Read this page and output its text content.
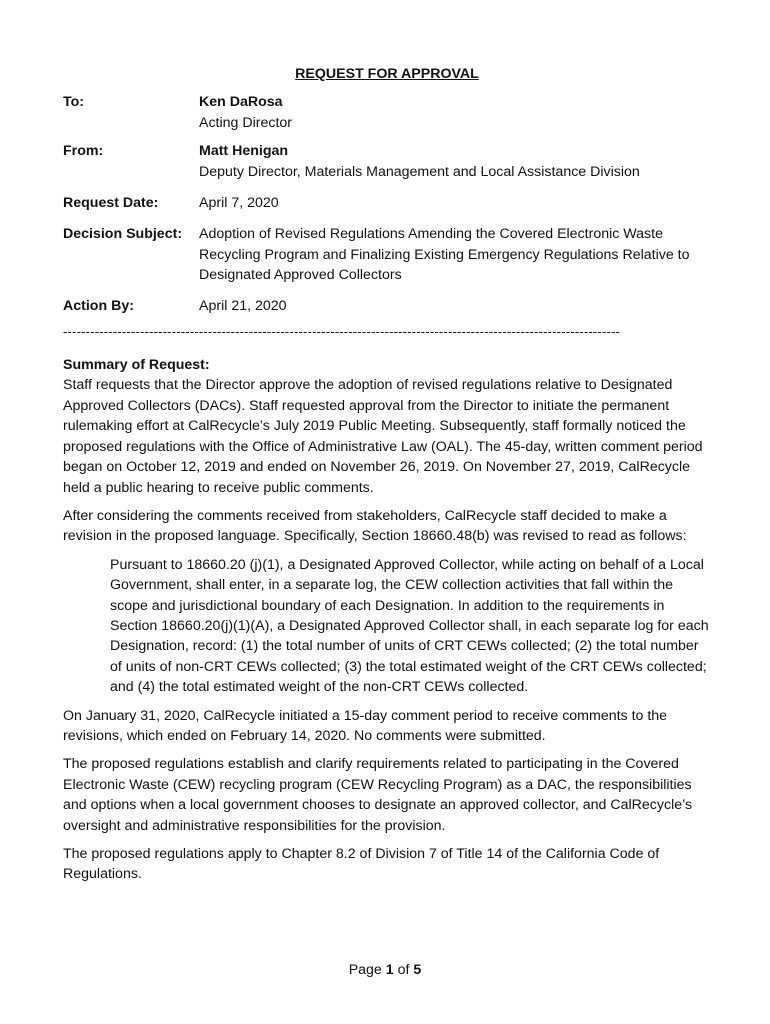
REQUEST FOR APPROVAL
To:	Ken DaRosa
Acting Director
From:	Matt Henigan
Deputy Director, Materials Management and Local Assistance Division
Request Date:	April 7, 2020
Decision Subject:	Adoption of Revised Regulations Amending the Covered Electronic Waste Recycling Program and Finalizing Existing Emergency Regulations Relative to Designated Approved Collectors
Action By:	April 21, 2020
---------------------------------------------------------------------------------------------------------------------------
Summary of Request:

Staff requests that the Director approve the adoption of revised regulations relative to Designated Approved Collectors (DACs). Staff requested approval from the Director to initiate the permanent rulemaking effort at CalRecycle’s July 2019 Public Meeting. Subsequently, staff formally noticed the proposed regulations with the Office of Administrative Law (OAL). The 45-day, written comment period began on October 12, 2019 and ended on November 26, 2019. On November 27, 2019, CalRecycle held a public hearing to receive public comments.

After considering the comments received from stakeholders, CalRecycle staff decided to make a revision in the proposed language. Specifically, Section 18660.48(b) was revised to read as follows:

Pursuant to 18660.20 (j)(1), a Designated Approved Collector, while acting on behalf of a Local Government, shall enter, in a separate log, the CEW collection activities that fall within the scope and jurisdictional boundary of each Designation. In addition to the requirements in Section 18660.20(j)(1)(A), a Designated Approved Collector shall, in each separate log for each Designation, record: (1) the total number of units of CRT CEWs collected; (2) the total number of units of non-CRT CEWs collected; (3) the total estimated weight of the CRT CEWs collected; and (4) the total estimated weight of the non-CRT CEWs collected.

On January 31, 2020, CalRecycle initiated a 15-day comment period to receive comments to the revisions, which ended on February 14, 2020. No comments were submitted.

The proposed regulations establish and clarify requirements related to participating in the Covered Electronic Waste (CEW) recycling program (CEW Recycling Program) as a DAC, the responsibilities and options when a local government chooses to designate an approved collector, and CalRecycle’s oversight and administrative responsibilities for the provision.

The proposed regulations apply to Chapter 8.2 of Division 7 of Title 14 of the California Code of Regulations.

Page 1 of 5
